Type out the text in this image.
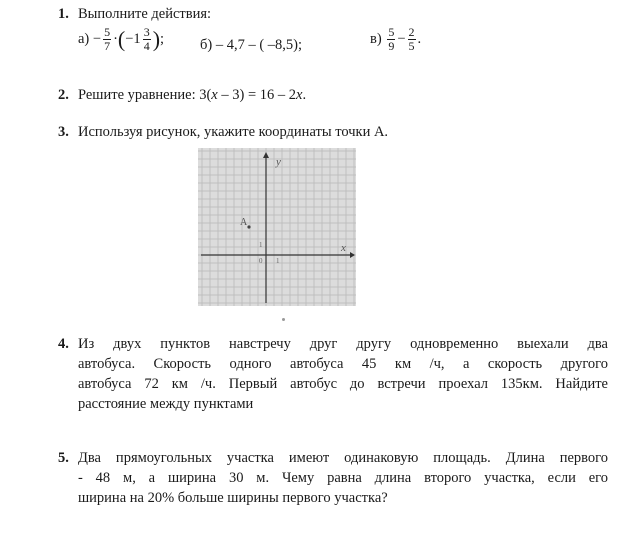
1. Выполните действия:
$а) - \frac{5}{7} \cdot(-1 \frac{3}{4}$ ); б) – 4,7 – ( –8,5);	$в) \frac{5}{9} - \frac{2}{5}$ .
2. Решите уравнение: 3(x – 3) = 16 – 2x.
3. Используя рисунок, укажите координаты точки А.
y
x
A
1
0 1
4. Из двух пунктов навстречу друг другу одновременно выехали два
автобуса. Скорость одного автобуса 45 км /ч, а скорость другого
автобуса 72 км /ч. Первый автобус до встречи проехал 135км. Найдите
расстояние между пунктами
5. Два прямоугольных участка имеют одинаковую площадь. Длина первого
- 48 м, а ширина 30 м. Чему равна длина второго участка, если его
ширина на 20% больше ширины первого участка?
